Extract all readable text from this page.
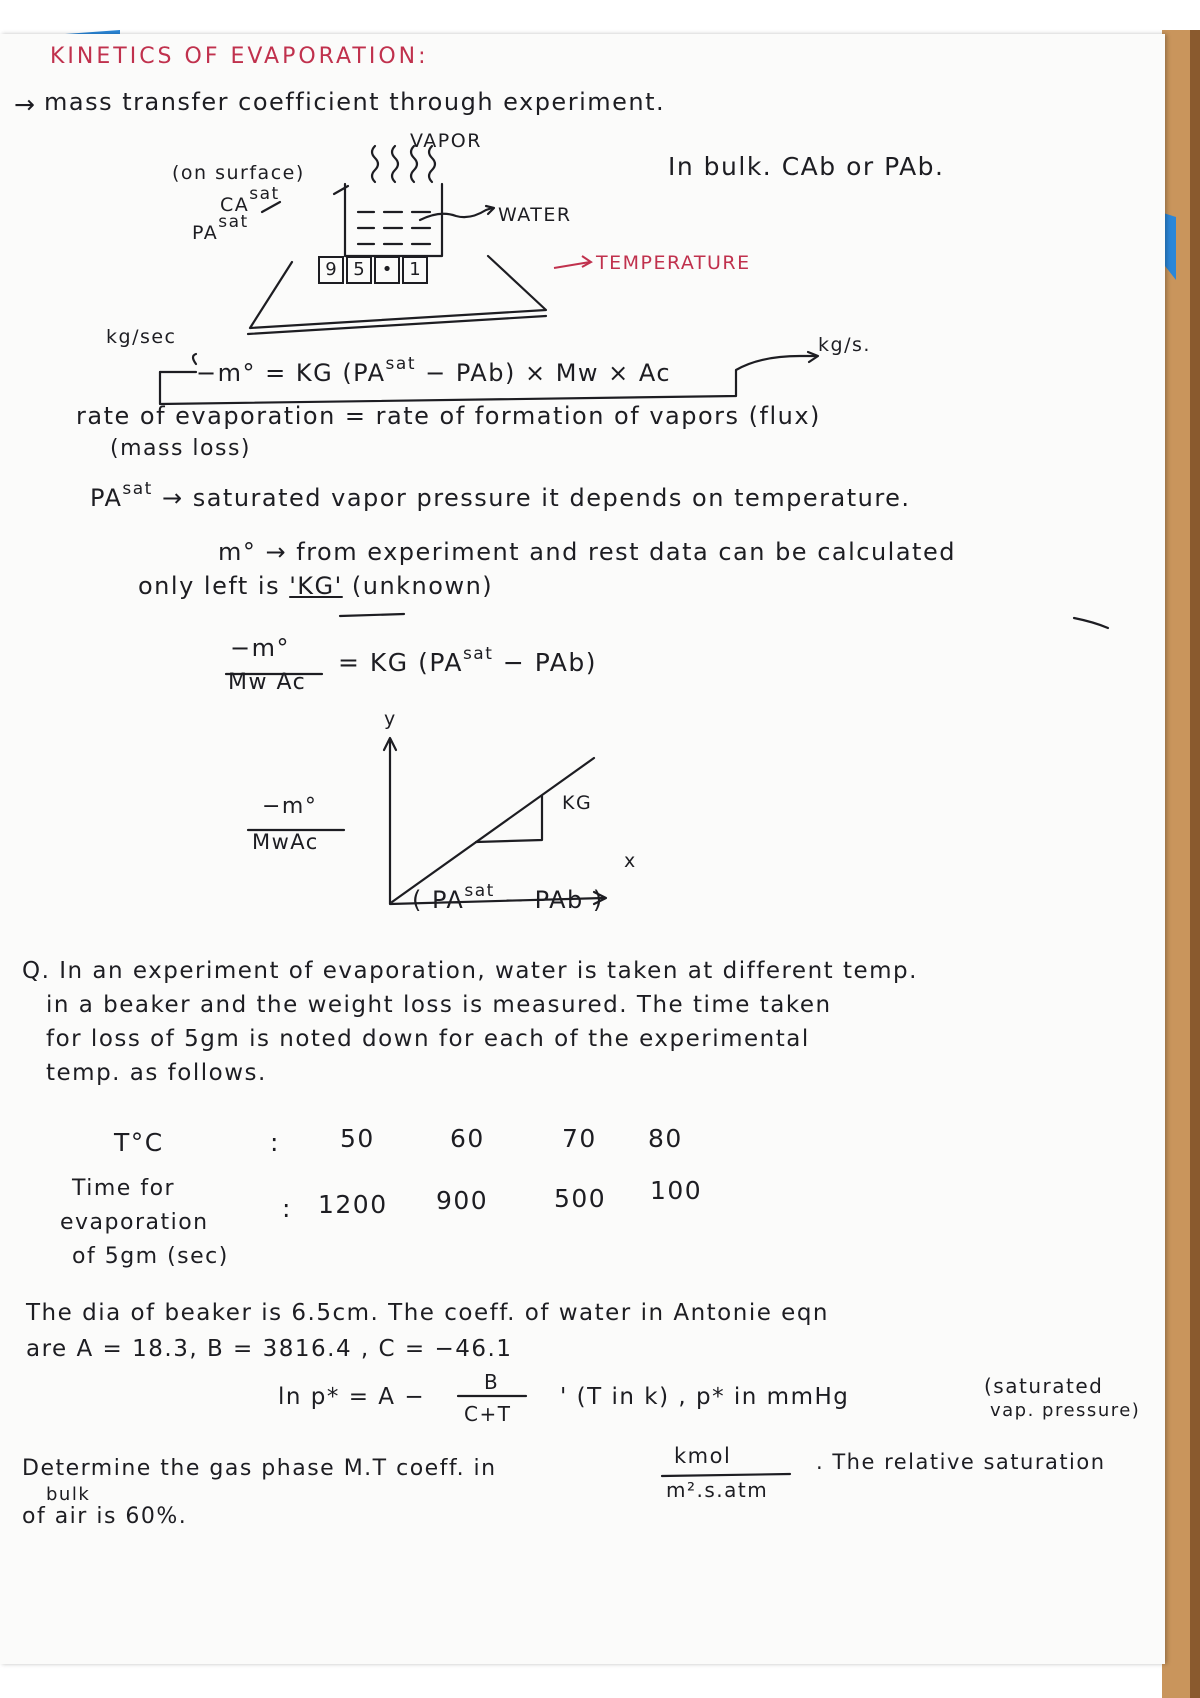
KINETICS OF EVAPORATION:
→ mass transfer coefficient through experiment.
VAPOR
(on surface)
CAsat
PAsat	WATER
TEMPERATURE
In bulk. CAb or PAb.
9 5 • 1
kg/sec	kg/s.
−m° = KG $(PA^{sat} - PAb) \times Mw \times Ac$
rate of evaporation = rate of formation of vapors (flux)
(mass loss)
$PA^{sat}$ → saturated vapor pressure it depends on temperature.
m° → from experiment and rest data can be calculated
only left is 'KG' (unknown)
−m°
Mw Ac
= KG $(PA^{sat} - PAb)$
y
x
KG
−m°
MwAc
( $PA^{sat}$ − PAb )
Q. In an experiment of evaporation, water is taken at different temp.
in a beaker and the weight loss is measured. The time taken
for loss of 5gm is noted down for each of the experimental
temp. as follows.
T°C	: 50	60	70 80
Time for
evaporation
of 5gm (sec)
: 1200 900	500 100
The dia of beaker is 6.5cm. The coeff. of water in Antonie eqn
are A = 18.3, B = 3816.4 , C = −46.1
ln p* = A −
B
C+T
' (T in k) , p* in mmHg	(saturated
vap. pressure)
Determine the gas phase M.T coeff. in	kmol
m².s.atm
. The relative saturation
bulk
of air is 60%.
